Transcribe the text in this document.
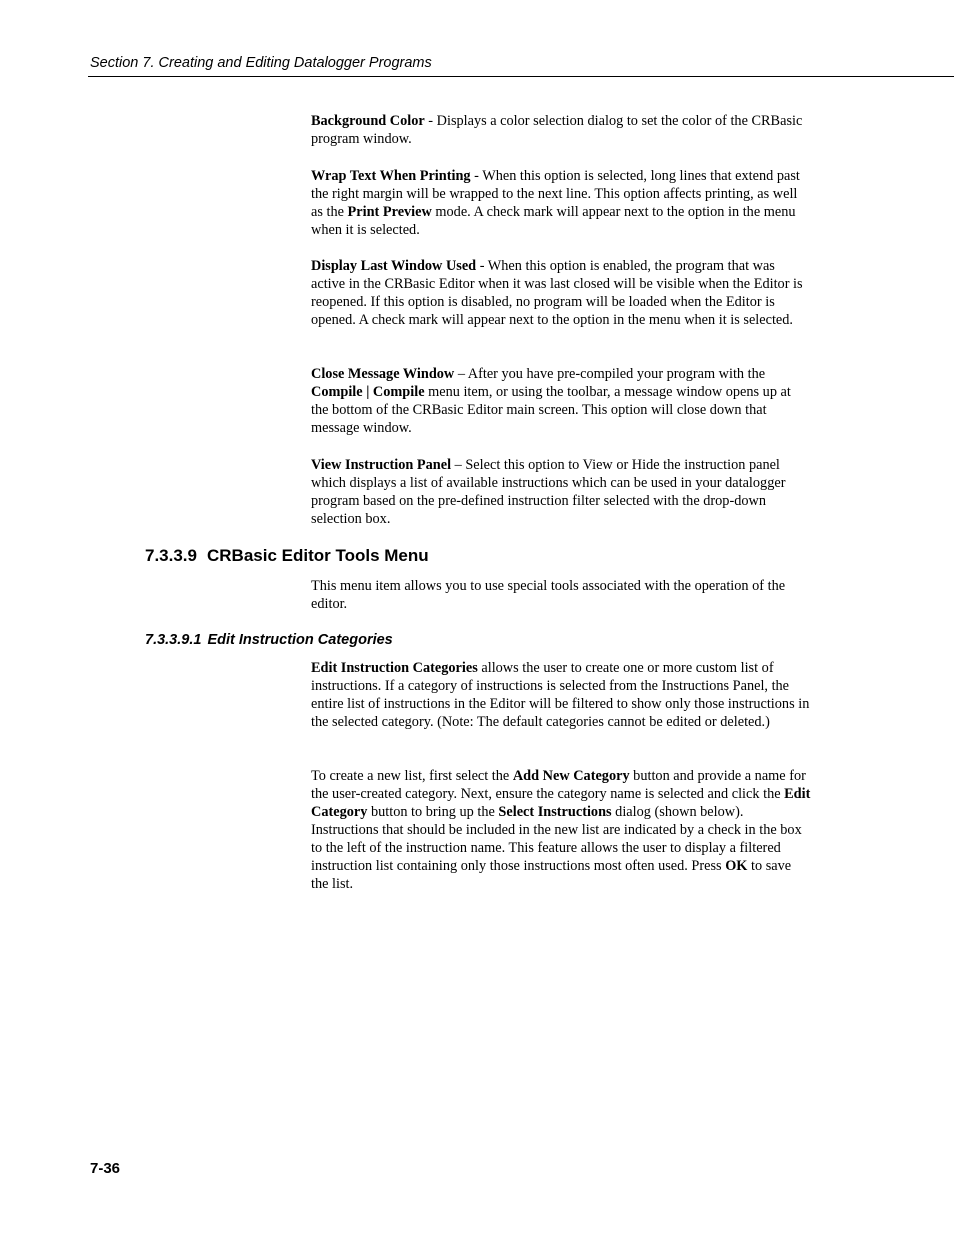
Section 7. Creating and Editing Datalogger Programs

Background Color - Displays a color selection dialog to set the color of the CRBasic program window.

Wrap Text When Printing - When this option is selected, long lines that extend past the right margin will be wrapped to the next line. This option affects printing, as well as the Print Preview mode. A check mark will appear next to the option in the menu when it is selected.

Display Last Window Used - When this option is enabled, the program that was active in the CRBasic Editor when it was last closed will be visible when the Editor is reopened. If this option is disabled, no program will be loaded when the Editor is opened. A check mark will appear next to the option in the menu when it is selected.

Close Message Window – After you have pre-compiled your program with the Compile | Compile menu item, or using the toolbar, a message window opens up at the bottom of the CRBasic Editor main screen. This option will close down that message window.

View Instruction Panel – Select this option to View or Hide the instruction panel which displays a list of available instructions which can be used in your datalogger program based on the pre-defined instruction filter selected with the drop-down selection box.

7.3.3.9 CRBasic Editor Tools Menu

This menu item allows you to use special tools associated with the operation of the editor.

7.3.3.9.1 Edit Instruction Categories

Edit Instruction Categories allows the user to create one or more custom list of instructions. If a category of instructions is selected from the Instructions Panel, the entire list of instructions in the Editor will be filtered to show only those instructions in the selected category. (Note: The default categories cannot be edited or deleted.)

To create a new list, first select the Add New Category button and provide a name for the user-created category. Next, ensure the category name is selected and click the Edit Category button to bring up the Select Instructions dialog (shown below). Instructions that should be included in the new list are indicated by a check in the box to the left of the instruction name. This feature allows the user to display a filtered instruction list containing only those instructions most often used. Press OK to save the list.

7-36
